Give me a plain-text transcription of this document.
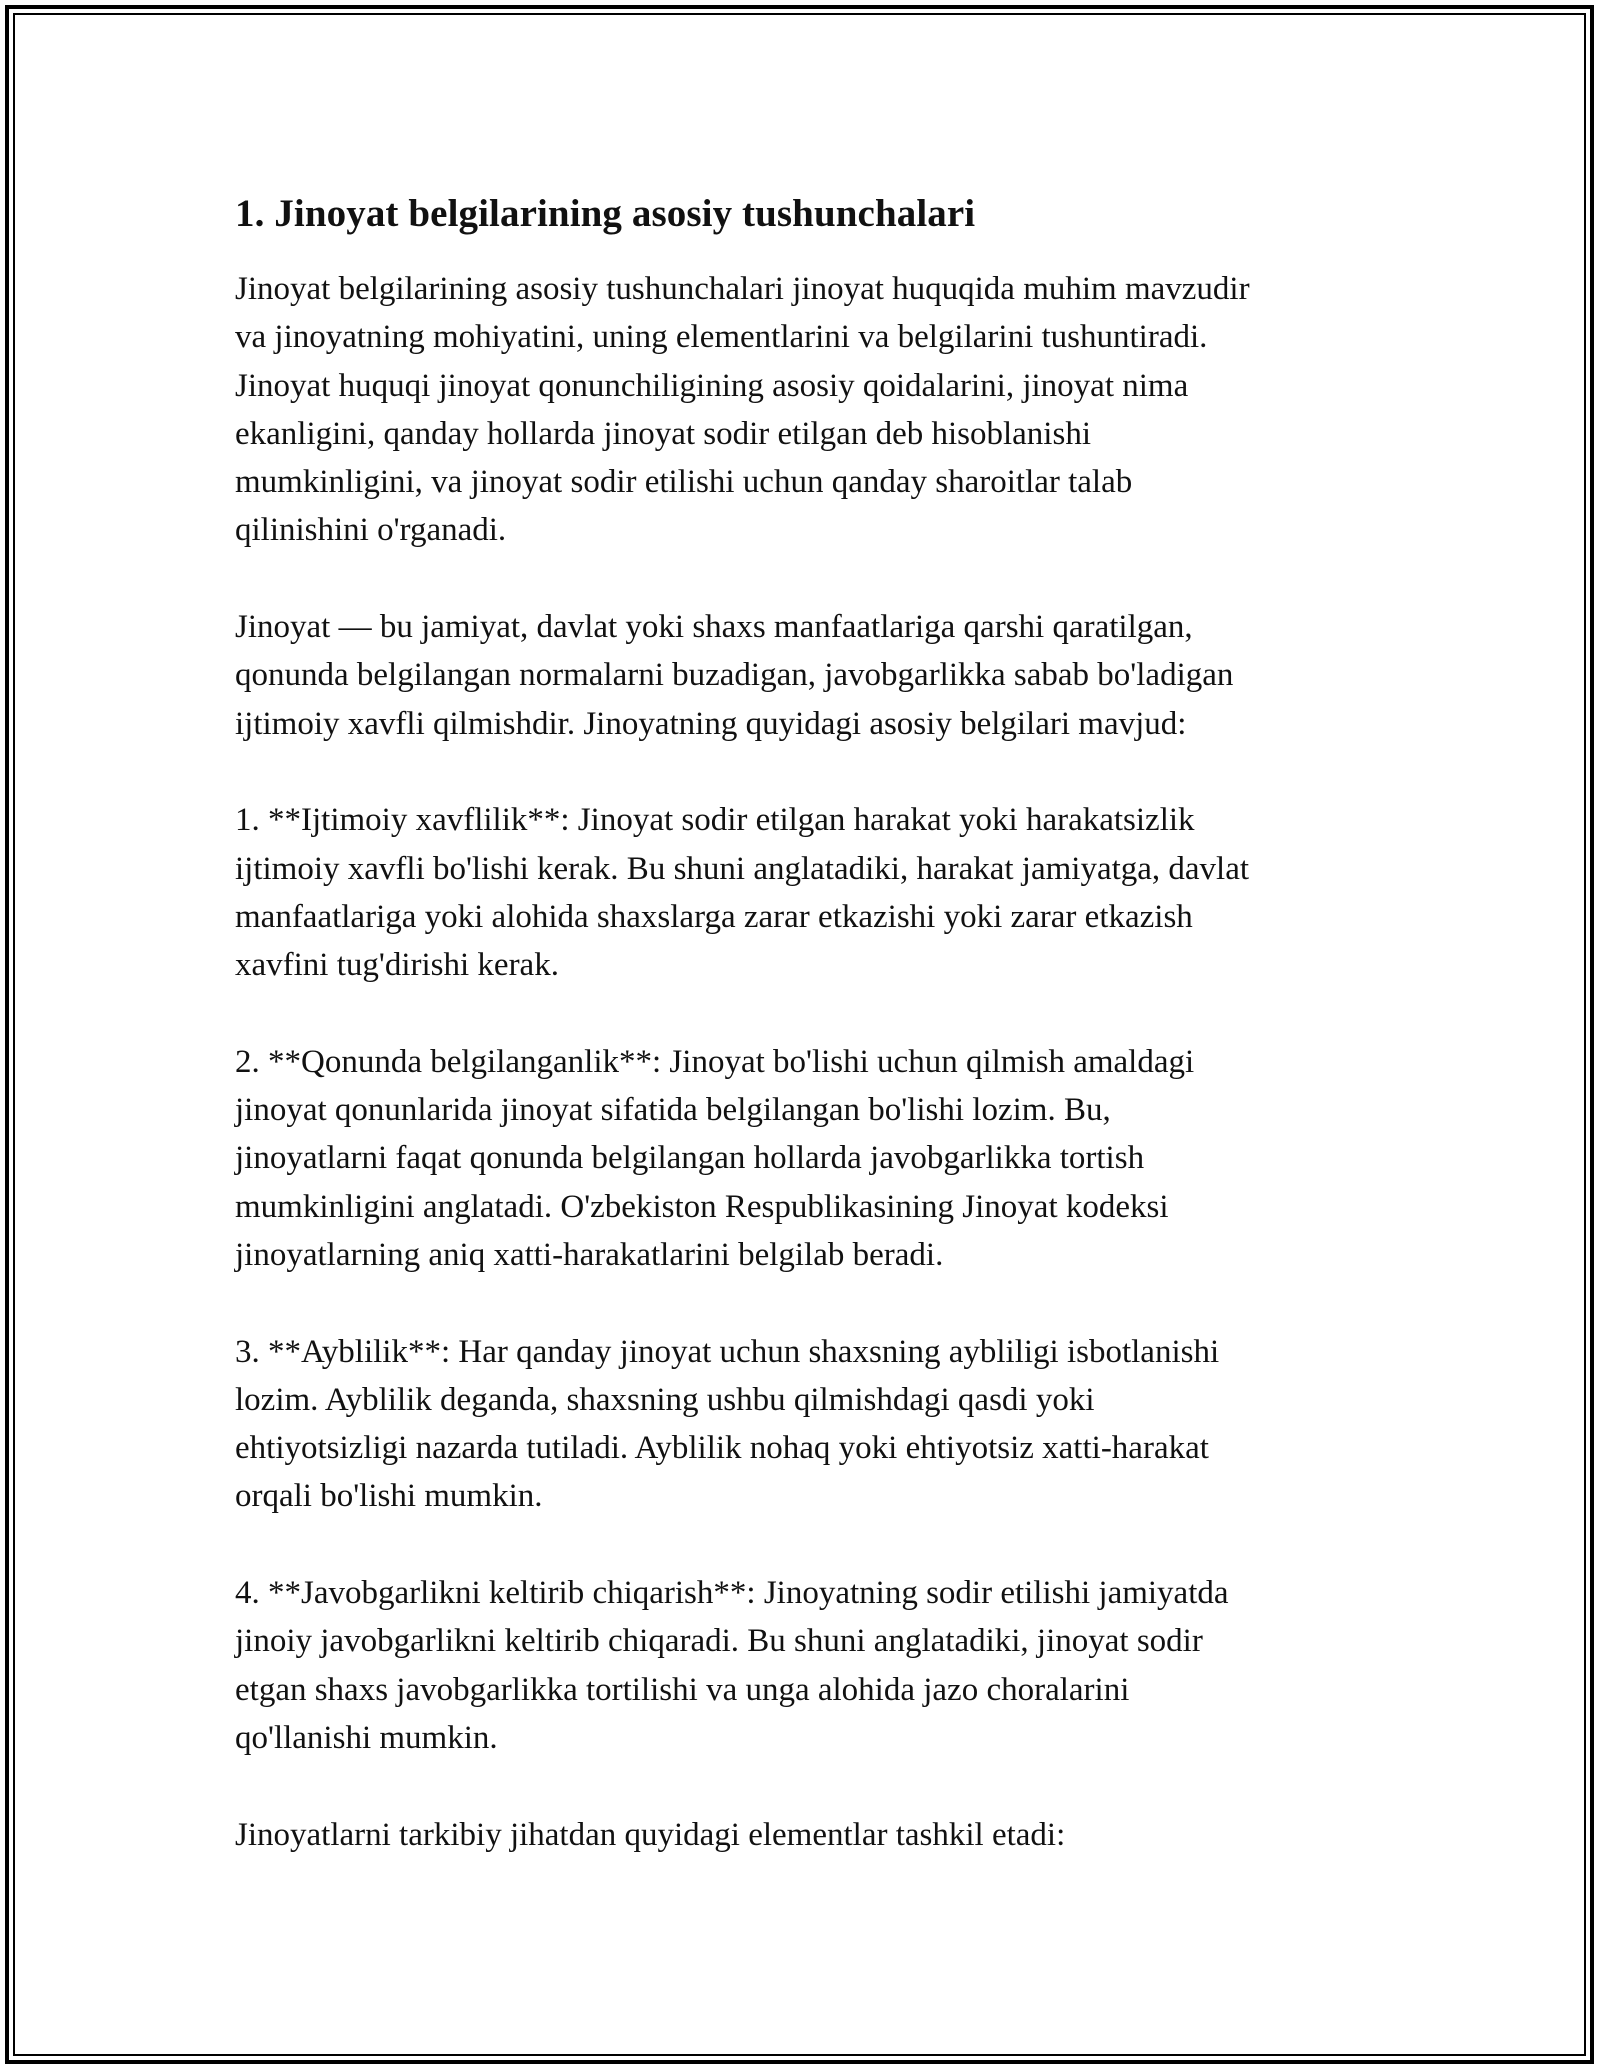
1. Jinoyat belgilarining asosiy tushunchalari

Jinoyat belgilarining asosiy tushunchalari jinoyat huquqida muhim mavzudir
va jinoyatning mohiyatini, uning elementlarini va belgilarini tushuntiradi.
Jinoyat huquqi jinoyat qonunchiligining asosiy qoidalarini, jinoyat nima
ekanligini, qanday hollarda jinoyat sodir etilgan deb hisoblanishi
mumkinligini, va jinoyat sodir etilishi uchun qanday sharoitlar talab
qilinishini o'rganadi.

Jinoyat — bu jamiyat, davlat yoki shaxs manfaatlariga qarshi qaratilgan,
qonunda belgilangan normalarni buzadigan, javobgarlikka sabab bo'ladigan
ijtimoiy xavfli qilmishdir. Jinoyatning quyidagi asosiy belgilari mavjud:

1. **Ijtimoiy xavflilik**: Jinoyat sodir etilgan harakat yoki harakatsizlik
ijtimoiy xavfli bo'lishi kerak. Bu shuni anglatadiki, harakat jamiyatga, davlat
manfaatlariga yoki alohida shaxslarga zarar etkazishi yoki zarar etkazish
xavfini tug'dirishi kerak.

2. **Qonunda belgilanganlik**: Jinoyat bo'lishi uchun qilmish amaldagi
jinoyat qonunlarida jinoyat sifatida belgilangan bo'lishi lozim. Bu,
jinoyatlarni faqat qonunda belgilangan hollarda javobgarlikka tortish
mumkinligini anglatadi. O'zbekiston Respublikasining Jinoyat kodeksi
jinoyatlarning aniq xatti-harakatlarini belgilab beradi.

3. **Ayblilik**: Har qanday jinoyat uchun shaxsning aybliligi isbotlanishi
lozim. Ayblilik deganda, shaxsning ushbu qilmishdagi qasdi yoki
ehtiyotsizligi nazarda tutiladi. Ayblilik nohaq yoki ehtiyotsiz xatti-harakat
orqali bo'lishi mumkin.

4. **Javobgarlikni keltirib chiqarish**: Jinoyatning sodir etilishi jamiyatda
jinoiy javobgarlikni keltirib chiqaradi. Bu shuni anglatadiki, jinoyat sodir
etgan shaxs javobgarlikka tortilishi va unga alohida jazo choralarini
qo'llanishi mumkin.

Jinoyatlarni tarkibiy jihatdan quyidagi elementlar tashkil etadi:
